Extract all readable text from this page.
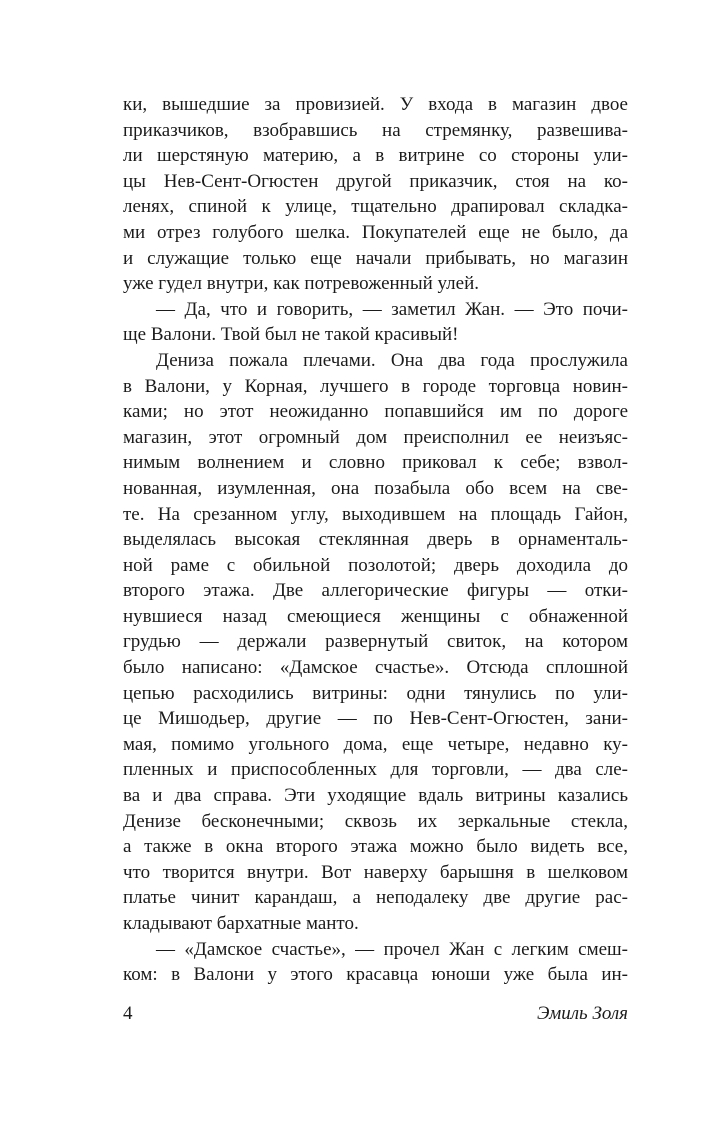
ки, вышедшие за провизией. У входа в магазин двое
приказчиков, взобравшись на стремянку, развешива-
ли шерстяную материю, а в витрине со стороны ули-
цы Нев-Сент-Огюстен другой приказчик, стоя на ко-
ленях, спиной к улице, тщательно драпировал складка-
ми отрез голубого шелка. Покупателей еще не было, да
и служащие только еще начали прибывать, но магазин
уже гудел внутри, как потревоженный улей.
— Да, что и говорить, — заметил Жан. — Это почи-
ще Валони. Твой был не такой красивый!
Дениза пожала плечами. Она два года прослужила
в Валони, у Корная, лучшего в городе торговца новин-
ками; но этот неожиданно попавшийся им по дороге
магазин, этот огромный дом преисполнил ее неизъяс-
нимым волнением и словно приковал к себе; взвол-
нованная, изумленная, она позабыла обо всем на све-
те. На срезанном углу, выходившем на площадь Гайон,
выделялась высокая стеклянная дверь в орнаменталь-
ной раме с обильной позолотой; дверь доходила до
второго этажа. Две аллегорические фигуры — отки-
нувшиеся назад смеющиеся женщины с обнаженной
грудью — держали развернутый свиток, на котором
было написано: «Дамское счастье». Отсюда сплошной
цепью расходились витрины: одни тянулись по ули-
це Мишодьер, другие — по Нев-Сент-Огюстен, зани-
мая, помимо угольного дома, еще четыре, недавно ку-
пленных и приспособленных для торговли, — два сле-
ва и два справа. Эти уходящие вдаль витрины казались
Денизе бесконечными; сквозь их зеркальные стекла,
а также в окна второго этажа можно было видеть все,
что творится внутри. Вот наверху барышня в шелковом
платье чинит карандаш, а неподалеку две другие рас-
кладывают бархатные манто.
— «Дамское счастье», — прочел Жан с легким смеш-
ком: в Валони у этого красавца юноши уже была ин-
4	Эмиль Золя
